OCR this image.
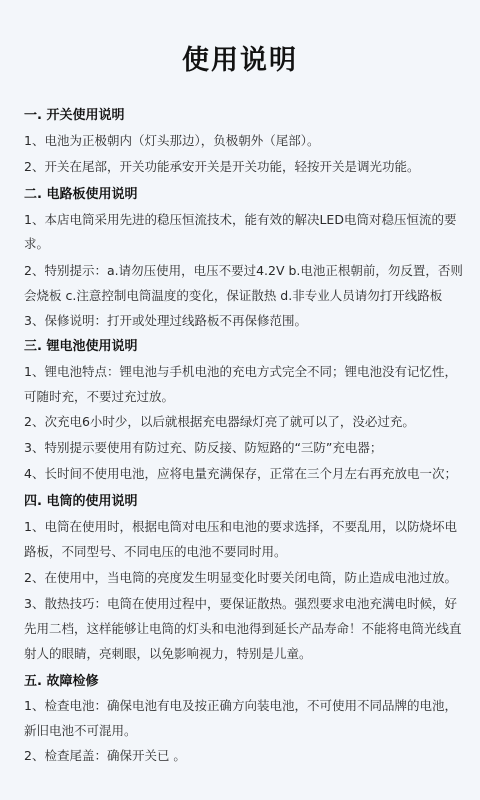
使用说明
一. 开关使用说明
1、电池为正极朝内（灯头那边），负极朝外（尾部）。
2、开关在尾部，开关功能承安开关是开关功能，轻按开关是调光功能。
二. 电路板使用说明
1、本店电筒采用先进的稳压恒流技术，能有效的解决LED电筒对稳压恒流的要
求。
2、特别提示：a.请勿压使用，电压不要过4.2V b.电池正根朝前，勿反置，否则
会烧板 c.注意控制电筒温度的变化，保证散热 d.非专业人员请勿打开线路板
3、保修说明：打开或处理过线路板不再保修范围。
三. 锂电池使用说明
1、锂电池特点：锂电池与手机电池的充电方式完全不同；锂电池没有记忆性，
可随时充，不要过充过放。
2、次充电6小时少，以后就根据充电器绿灯亮了就可以了，没必过充。
3、特别提示要使用有防过充、防反接、防短路的“三防”充电器；
4、长时间不使用电池，应将电量充满保存，正常在三个月左右再充放电一次；
四. 电筒的使用说明
1、电筒在使用时，根据电筒对电压和电池的要求选择，不要乱用，以防烧坏电
路板，不同型号、不同电压的电池不要同时用。
2、在使用中，当电筒的亮度发生明显变化时要关闭电筒，防止造成电池过放。
3、散热技巧：电筒在使用过程中，要保证散热。强烈要求电池充满电时候，好
先用二档，这样能够让电筒的灯头和电池得到延长产品寿命！不能将电筒光线直
射人的眼睛，亮刺眼，以免影响视力，特别是儿童。
五. 故障检修
1、检查电池：确保电池有电及按正确方向装电池，不可使用不同品牌的电池，
新旧电池不可混用。
2、检查尾盖：确保开关已 。
